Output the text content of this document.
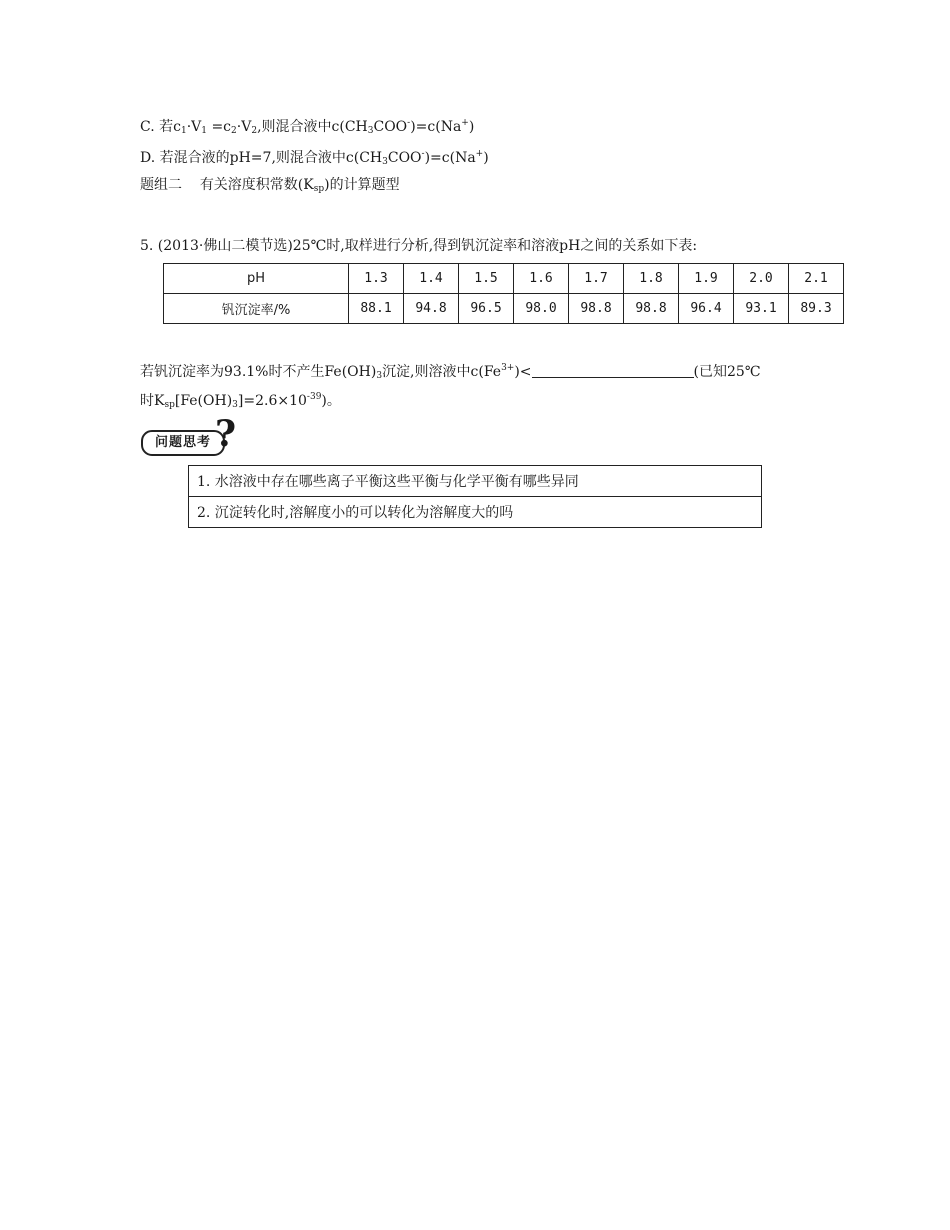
C. 若$c_1\cdot V_1 =c_2\cdot V_2$,则混合液中$c(CH_3COO^-)=c(Na^+)$
D. 若混合液的pH=7,则混合液中$c(CH_3COO^-)=c(Na^+)$
题组二 有关溶度积常数$(K_{sp})$的计算题型
5. (2013·佛山二模节选)25℃时,取样进行分析,得到钒沉淀率和溶液pH之间的关系如下表:
pH	1.3	1.4	1.5	1.6	1.7	1.8	1.9	2.0	2.1
钒沉淀率/%	88.1	94.8	96.5	98.0	98.8	98.8	96.4	93.1	89.3
若钒沉淀率为93.1%时不产生$Fe(OH)_3$沉淀,则溶液中$c(Fe^{3+})<$	(已知25℃
时$K_{sp}[Fe(OH)_3]=2.6\times 10^{-39}$)。
问题思考 ?
1. 水溶液中存在哪些离子平衡这些平衡与化学平衡有哪些异同
2. 沉淀转化时,溶解度小的可以转化为溶解度大的吗
